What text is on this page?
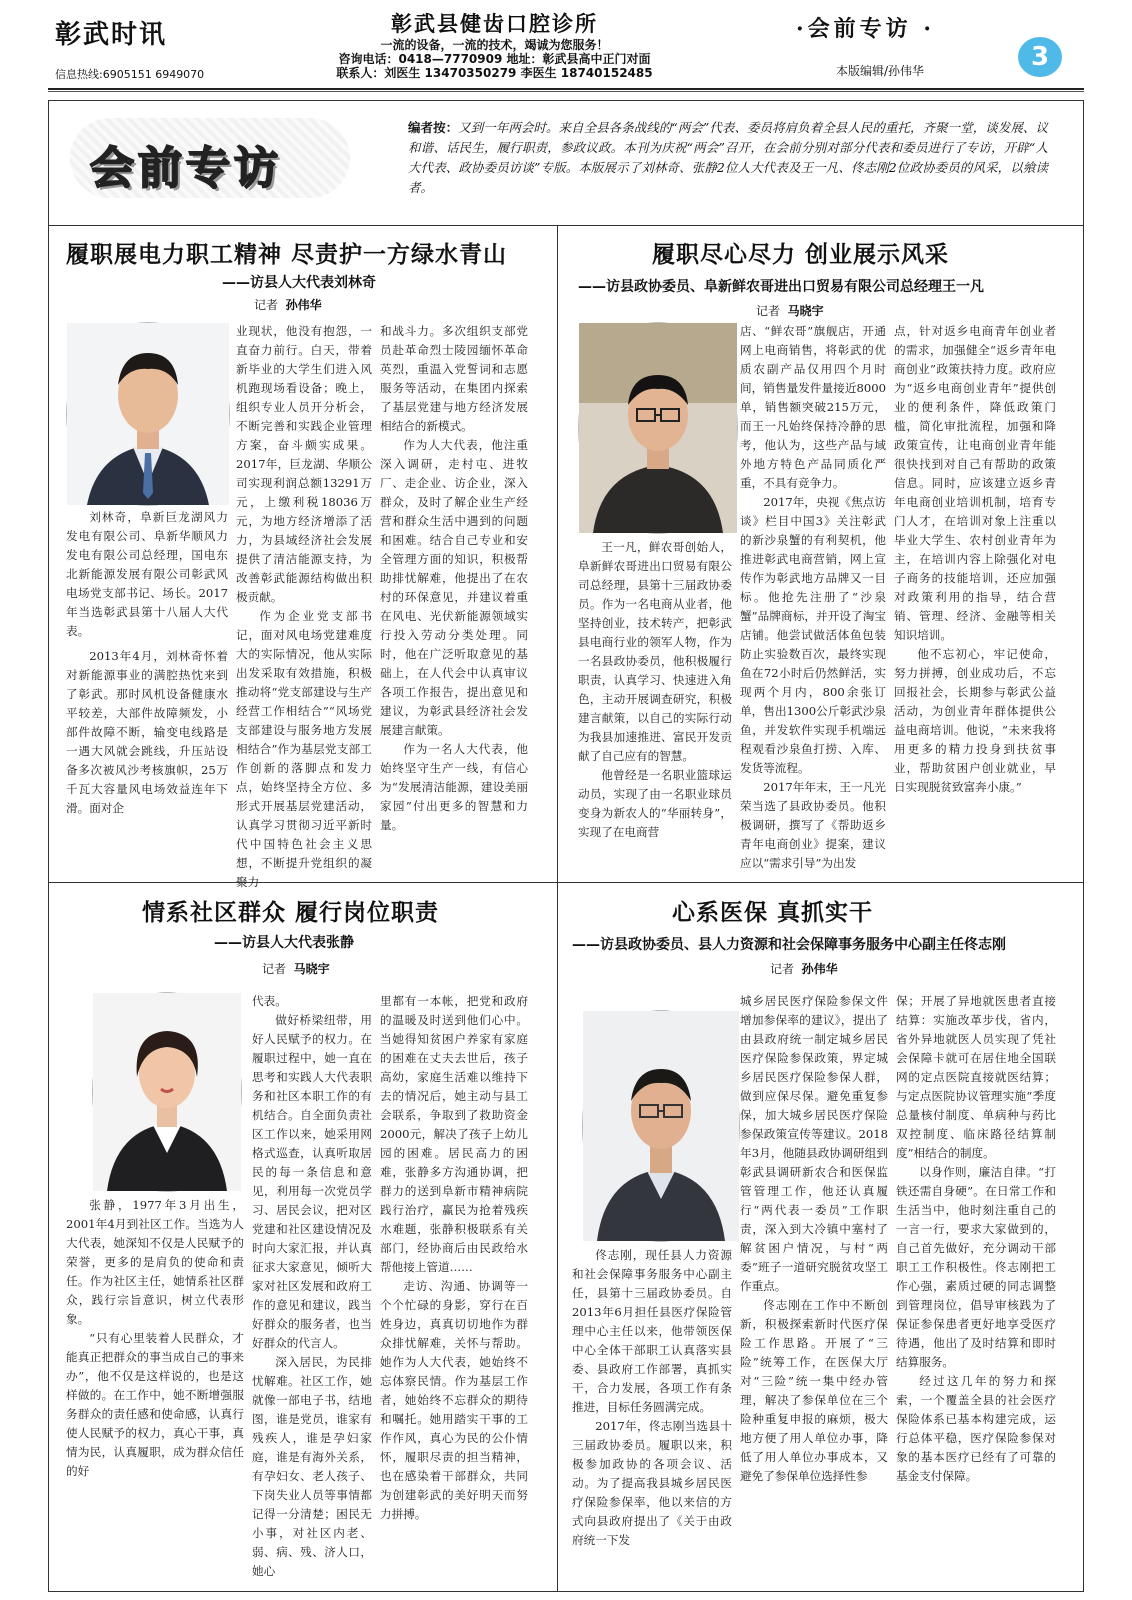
彰武时讯
信息热线:6905151 6949070
彰武县健齿口腔诊所
一流的设备，一流的技术，竭诚为您服务！
咨询电话：0418—7770909 地址：彰武县高中正门对面
联系人：刘医生 13470350279 李医生 18740152485
·会前专访 ·
本版编辑/孙伟华	3
会前专访
编者按：又到一年两会时。来自全县各条战线的“两会”代表、委员将肩负着全县人民的重托，齐聚一堂，谈发展、议和谐、话民生，履行职责，参政议政。本刊为庆祝“两会”召开，在会前分别对部分代表和委员进行了专访，开辟“人大代表、政协委员访谈”专版。本版展示了刘林奇、张静2位人大代表及王一凡、佟志刚2位政协委员的风采，以飨读者。
履职展电力职工精神 尽责护一方绿水青山
——访县人大代表刘林奇
记者 孙伟华

刘林奇，阜新巨龙湖风力发电有限公司、阜新华顺风力发电有限公司总经理，国电东北新能源发展有限公司彰武风电场党支部书记、场长。2017年当选彰武县第十八届人大代表。

2013年4月，刘林奇怀着对新能源事业的满腔热忱来到了彰武。那时风机设备健康水平较差，大部件故障频发，小部件故障不断，输变电线路是一遇大风就会跳线，升压站设备多次被风沙考核旗帜，25万千瓦大容量风电场效益连年下滑。面对企

业现状，他没有抱怨，一直奋力前行。白天，带着新毕业的大学生们进入风机跑现场看设备；晚上，组织专业人员开分析会，不断完善和实践企业管理方案，奋斗颇实成果。2017年，巨龙湖、华顺公司实现利润总额13291万元，上缴利税18036万元，为地方经济增添了活力，为县域经济社会发展提供了清洁能源支持，为改善彰武能源结构做出积极贡献。

作为企业党支部书记，面对风电场党建难度大的实际情况，他从实际出发采取有效措施，积极推动将“党支部建设与生产经营工作相结合”“风场党支部建设与服务地方发展相结合”作为基层党支部工作创新的落脚点和发力点，始终坚持全方位、多形式开展基层党建活动，认真学习贯彻习近平新时代中国特色社会主义思想，不断提升党组织的凝聚力

和战斗力。多次组织支部党员赴革命烈士陵园缅怀革命英烈，重温入党誓词和志愿服务等活动，在集团内探索了基层党建与地方经济发展相结合的新模式。

作为人大代表，他注重深入调研，走村屯、进牧厂、走企业、访企业，深入群众，及时了解企业生产经营和群众生活中遇到的问题和困难。结合自己专业和安全管理方面的知识，积极帮助排忧解难，他提出了在农村的环保意见，并建议着重在风电、光伏新能源领域实行投入劳动分类处理。同时，他在广泛听取意见的基础上，在人代会中认真审议各项工作报告，提出意见和建议，为彰武县经济社会发展建言献策。

作为一名人大代表，他始终坚守生产一线，有信心为“发展清洁能源，建设美丽家园”付出更多的智慧和力量。

履职尽心尽力 创业展示风采
——访县政协委员、阜新鲜农哥进出口贸易有限公司总经理王一凡
记者 马晓宇

王一凡，鲜农哥创始人，阜新鲜农哥进出口贸易有限公司总经理，县第十三届政协委员。作为一名电商从业者，他坚持创业，技术转产，把彰武县电商行业的领军人物，作为一名县政协委员，他积极履行职责，认真学习、快速进入角色，主动开展调查研究，积极建言献策，以自己的实际行动为我县加速推进、富民开发贡献了自己应有的智慧。

他曾经是一名职业篮球运动员，实现了由一名职业球员变身为新农人的“华丽转身”，实现了在电商营

店、“鲜农哥”旗舰店，开通网上电商销售，将彰武的优质农副产品仅用四个月时间，销售量发件量接近8000单，销售额突破215万元，而王一凡始终保持冷静的思考，他认为，这些产品与域外地方特色产品同质化严重，不具有竞争力。

2017年，央视《焦点访谈》栏目中国3》关注彰武的新沙泉蟹的有利契机，他推进彰武电商营销，网上宣传作为彰武地方品牌又一目标。他抢先注册了“沙泉蟹”品牌商标，并开设了淘宝店铺。他尝试做活体鱼包装防止实验数百次，最终实现鱼在72小时后仍然鲜活，实现两个月内，800余张订单，售出1300公斤彰武沙泉鱼，并发软件实现手机端远程观看沙泉鱼打捞、入库、发货等流程。

2017年年末，王一凡光荣当选了县政协委员。他积极调研，撰写了《帮助返乡青年电商创业》提案，建议应以“需求引导”为出发

点，针对返乡电商青年创业者的需求，加强健全“返乡青年电商创业”政策扶持力度。政府应为“返乡电商创业青年”提供创业的便利条件，降低政策门槛，简化审批流程，加强和降政策宣传，让电商创业青年能很快找到对自己有帮助的政策信息。同时，应该建立返乡青年电商创业培训机制，培育专门人才，在培训对象上注重以毕业大学生、农村创业青年为主，在培训内容上除强化对电子商务的技能培训，还应加强对政策利用的指导，结合营销、管理、经济、金融等相关知识培训。

他不忘初心，牢记使命，努力拼搏，创业成功后，不忘回报社会，长期参与彰武公益活动，为创业青年群体提供公益电商培训。他说，“未来我将用更多的精力投身到扶贫事业，帮助贫困户创业就业，早日实现脱贫致富奔小康。”

情系社区群众 履行岗位职责
——访县人大代表张静
记者 马晓宇

张静，1977年3月出生，2001年4月到社区工作。当选为人大代表，她深知不仅是人民赋予的荣誉，更多的是肩负的使命和责任。作为社区主任，她情系社区群众，践行宗旨意识，树立代表形象。

“只有心里装着人民群众，才能真正把群众的事当成自己的事来办”，他不仅是这样说的，也是这样做的。在工作中，她不断增强服务群众的责任感和使命感，认真行使人民赋予的权力，真心干事，真情为民，认真履职，成为群众信任的好

代表。

做好桥梁纽带，用好人民赋予的权力。在履职过程中，她一直在思考和实践人大代表职务和社区本职工作的有机结合。自全面负责社区工作以来，她采用网格式巡查，认真听取居民的每一条信息和意见，利用每一次党员学习、居民会议，把对区党建和社区建设情况及时向大家汇报，并认真征求大家意见，倾听大家对社区发展和政府工作的意见和建议，践当好群众的服务者，也当好群众的代言人。

深入居民，为民排忧解难。社区工作，她就像一部电子书，结地图，谁是党员，谁家有残疾人，谁是孕妇家庭，谁是有海外关系，有孕妇女、老人孩子、下岗失业人员等事情都记得一分清楚；困民无小事，对社区内老、弱、病、残、济人口，她心

里都有一本帐，把党和政府的温暖及时送到他们心中。当她得知贫困户养家有家庭的困难在丈夫去世后，孩子高幼，家庭生活难以维持下去的情况后，她主动与县工会联系，争取到了救助资金2000元，解决了孩子上幼儿园的困难。居民高力的困难，张静多方沟通协调，把群力的送到阜新市精神病院践行治疗，赢民为抢着残疾水难题，张静积极联系有关部门，经协商后由民政给水帮他接上管道……

走访、沟通、协调等一个个忙碌的身影，穿行在百姓身边，真真切切地作为群众排忧解难，关怀与帮助。她作为人大代表，她始终不忘体察民情。作为基层工作者，她始终不忘群众的期待和嘱托。她用踏实干事的工作作风，真心为民的公仆情怀，履职尽责的担当精神，也在感染着干部群众，共同为创建彰武的美好明天而努力拼搏。

心系医保 真抓实干
——访县政协委员、县人力资源和社会保障事务服务中心副主任佟志刚
记者 孙伟华

佟志刚，现任县人力资源和社会保障事务服务中心副主任，县第十三届政协委员。自2013年6月担任县医疗保险管理中心主任以来，他带领医保中心全体干部职工认真落实县委、县政府工作部署，真抓实干，合力发展，各项工作有条推进，目标任务圆满完成。

2017年，佟志刚当选县十三届政协委员。履职以来，积极参加政协的各项会议、活动。为了提高我县城乡居民医疗保险参保率，他以来信的方式向县政府提出了《关于由政府统一下发

城乡居民医疗保险参保文件增加参保率的建议》，提出了由县政府统一制定城乡居民医疗保险参保政策，界定城乡居民医疗保险参保人群，做到应保尽保。避免重复参保，加大城乡居民医疗保险参保政策宣传等建议。2018年3月，他随县政协调研组到彰武县调研新农合和医保监管管理工作，他还认真履行“两代表一委员”工作职责，深入到大冷镇中塞村了解贫困户情况，与村“两委”班子一道研究脱贫攻坚工作重点。

佟志刚在工作中不断创新，积极探索新时代医疗保险工作思路。开展了“三险”统筹工作，在医保大厅对“三险”统一集中经办管理，解决了参保单位在三个险种重复申报的麻烦，极大地方便了用人单位办事，降低了用人单位办事成本，又避免了参保单位选择性参

保；开展了异地就医患者直接结算：实施改革步伐，省内，省外异地就医人员实现了凭社会保障卡就可在居住地全国联网的定点医院直接就医结算；与定点医院协议管理实施“季度总量核付制度、单病种与药比双控制度、临床路径结算制度”相结合的制度。

以身作则，廉洁自律。“打铁还需自身硬”。在日常工作和生活当中，他时刻注重自己的一言一行，要求大家做到的，自己首先做好，充分调动干部职工工作积极性。佟志刚把工作心强，素质过硬的同志调整到管理岗位，倡导审核践为了保证参保患者更好地享受医疗待遇，他出了及时结算和即时结算服务。

经过这几年的努力和探索，一个覆盖全县的社会医疗保险体系已基本构建完成，运行总体平稳，医疗保险参保对象的基本医疗已经有了可靠的基金支付保障。
